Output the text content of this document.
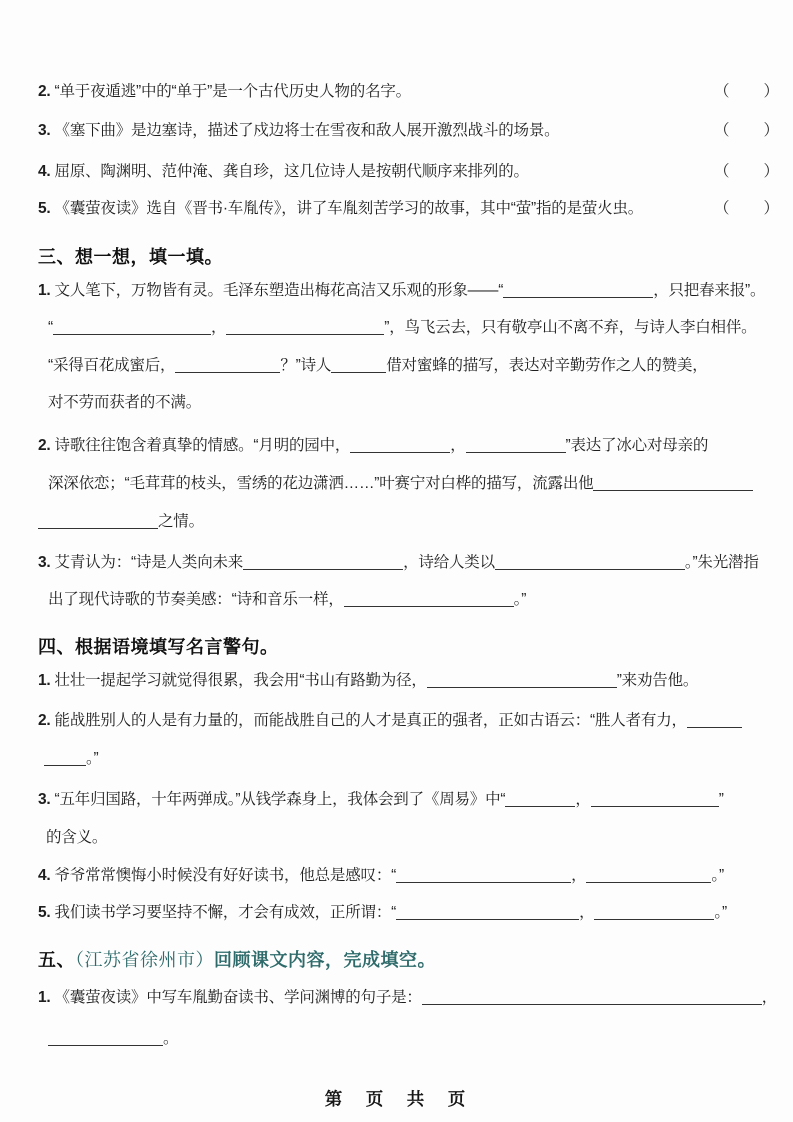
2. “单于夜遁逃”中的“单于”是一个古代历史人物的名字。	（　　）
3. 《塞下曲》是边塞诗，描述了戍边将士在雪夜和敌人展开激烈战斗的场景。	（　　）
4. 屈原、陶渊明、范仲淹、龚自珍，这几位诗人是按朝代顺序来排列的。	（　　）
5. 《囊萤夜读》选自《晋书·车胤传》，讲了车胤刻苦学习的故事，其中“萤”指的是萤火虫。	（　　）
三、想一想，填一填。
1. 文人笔下，万物皆有灵。毛泽东塑造出梅花高洁又乐观的形象——“	，只把春来报”。
“	，	”，鸟飞云去，只有敬亭山不离不弃，与诗人李白相伴。
“采得百花成蜜后，	？”诗人	借对蜜蜂的描写，表达对辛勤劳作之人的赞美，
对不劳而获者的不满。
2. 诗歌往往饱含着真挚的情感。“月明的园中，	，	”表达了冰心对母亲的
深深依恋；“毛茸茸的枝头，雪绣的花边潇洒……”叶赛宁对白桦的描写，流露出他
之情。
3. 艾青认为：“诗是人类向未来	，诗给人类以	。”朱光潜指
出了现代诗歌的节奏美感：“诗和音乐一样，	。”
四、根据语境填写名言警句。
1. 壮壮一提起学习就觉得很累，我会用“书山有路勤为径，	”来劝告他。
2. 能战胜别人的人是有力量的，而能战胜自己的人才是真正的强者，正如古语云：“胜人者有力，
。”
3. “五年归国路，十年两弹成。”从钱学森身上，我体会到了《周易》中“	，	”
的含义。
4. 爷爷常常懊悔小时候没有好好读书，他总是感叹：“	，	。”
5. 我们读书学习要坚持不懈，才会有成效，正所谓：“	，	。”
五、（江苏省徐州市）回顾课文内容，完成填空。
1. 《囊萤夜读》中写车胤勤奋读书、学问渊博的句子是：	，
。
第　页　共　页
